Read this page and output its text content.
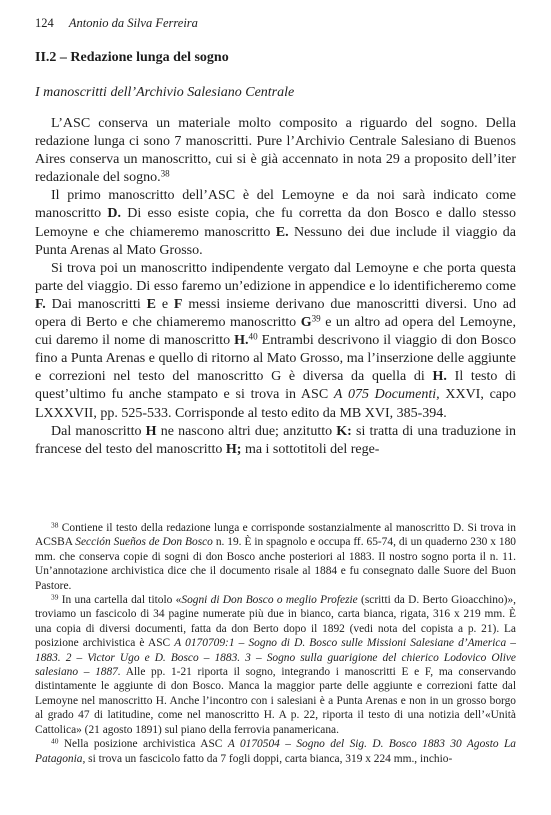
124 Antonio da Silva Ferreira
II.2 – Redazione lunga del sogno
I manoscritti dell’Archivio Salesiano Centrale

L’ASC conserva un materiale molto composito a riguardo del sogno. Della redazione lunga ci sono 7 manoscritti. Pure l’Archivio Centrale Salesiano di Buenos Aires conserva un manoscritto, cui si è già accennato in nota 29 a proposito dell’iter redazionale del sogno.$^{38}$

Il primo manoscritto dell’ASC è del Lemoyne e da noi sarà indicato come manoscritto D. Di esso esiste copia, che fu corretta da don Bosco e dallo stesso Lemoyne e che chiameremo manoscritto E. Nessuno dei due include il viaggio da Punta Arenas al Mato Grosso.

Si trova poi un manoscritto indipendente vergato dal Lemoyne e che porta questa parte del viaggio. Di esso faremo un’edizione in appendice e lo identificheremo come F. Dai manoscritti E e F messi insieme derivano due manoscritti diversi. Uno ad opera di Berto e che chiameremo manoscritto $G^{39}$ e un altro ad opera del Lemoyne, cui daremo il nome di manoscritto H.$^{40}$ Entrambi descrivono il viaggio di don Bosco fino a Punta Arenas e quello di ritorno al Mato Grosso, ma l’inserzione delle aggiunte e correzioni nel testo del manoscritto G è diversa da quella di H. Il testo di quest’ultimo fu anche stampato e si trova in ASC A 075 Documenti, XXVI, capo LXXXVII, pp. 525-533. Corrisponde al testo edito da MB XVI, 385-394.

Dal manoscritto H ne nascono altri due; anzitutto K: si tratta di una traduzione in francese del testo del manoscritto H; ma i sottotitoli del rege-

$^{38}$ Contiene il testo della redazione lunga e corrisponde sostanzialmente al manoscritto D. Si trova in ACSBA Sección Sueños de Don Bosco n. 19. È in spagnolo e occupa ff. 65-74, di un quaderno 230 x 180 mm. che conserva copie di sogni di don Bosco anche posteriori al 1883. Il nostro sogno porta il n. 11. Un’annotazione archivistica dice che il documento risale al 1884 e fu consegnato dalle Suore del Buon Pastore.

$^{39}$ In una cartella dal titolo «Sogni di Don Bosco o meglio Profezie (scritti da D. Berto Gioacchino)», troviamo un fascicolo di 34 pagine numerate più due in bianco, carta bianca, rigata, 316 x 219 mm. È una copia di diversi documenti, fatta da don Berto dopo il 1892 (vedi nota del copista a p. 21). La posizione archivistica è ASC A 0170709:1 – Sogno di D. Bosco sulle Missioni Salesiane d’America – 1883. 2 – Victor Ugo e D. Bosco – 1883. 3 – Sogno sulla guarigione del chierico Lodovico Olive salesiano – 1887. Alle pp. 1-21 riporta il sogno, integrando i manoscritti E e F, ma conservando distintamente le aggiunte di don Bosco. Manca la maggior parte delle aggiunte e correzioni fatte dal Lemoyne nel manoscritto H. Anche l’incontro con i salesiani è a Punta Arenas e non in un grosso borgo al grado 47 di latitudine, come nel manoscritto H. A p. 22, riporta il testo di una notizia dell’«Unità Cattolica» (21 agosto 1891) sul piano della ferrovia panamericana.

$^{40}$ Nella posizione archivistica ASC A 0170504 – Sogno del Sig. D. Bosco 1883 30 Agosto La Patagonia, si trova un fascicolo fatto da 7 fogli doppi, carta bianca, 319 x 224 mm., inchio-
